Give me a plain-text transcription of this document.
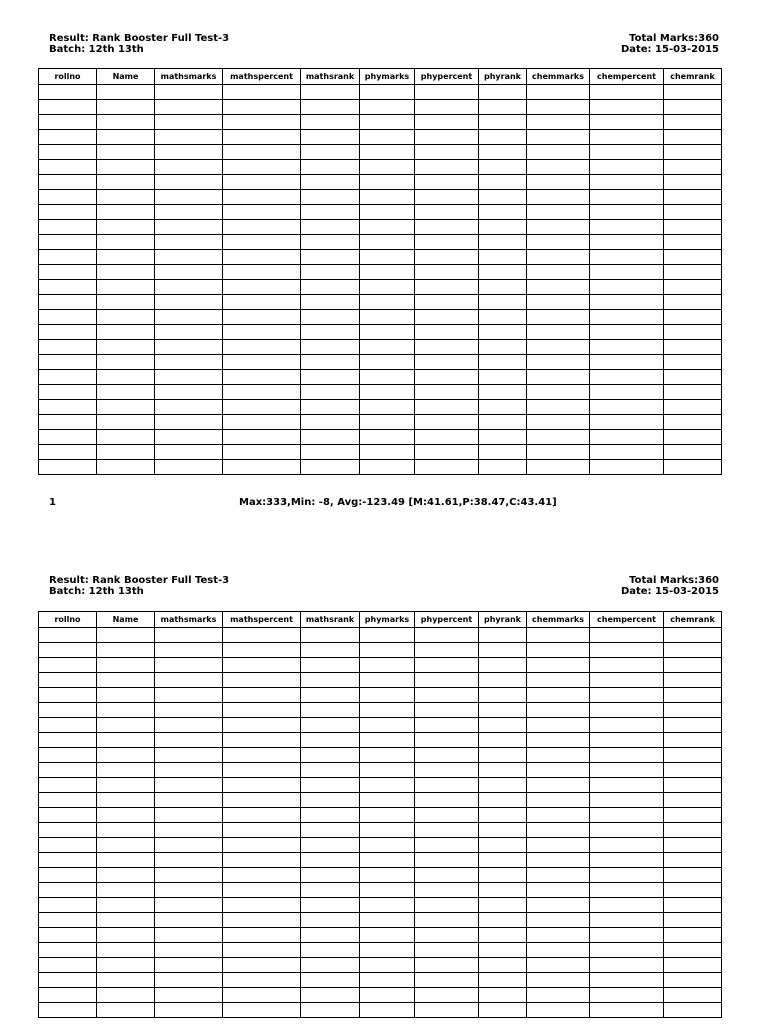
Result: Rank Booster Full Test-3
Batch: 12th 13th
Total Marks:360
Date: 15-03-2015
rollno	Name	mathsmarks	mathspercent	mathsrank	phymarks	phypercent	phyrank	chemmarks	chempercent	chemrank

1	Max:333,Min: -8, Avg:-123.49 [M:41.61,P:38.47,C:43.41]
Result: Rank Booster Full Test-3
Batch: 12th 13th
Total Marks:360
Date: 15-03-2015
rollno	Name	mathsmarks	mathspercent	mathsrank	phymarks	phypercent	phyrank	chemmarks	chempercent	chemrank
